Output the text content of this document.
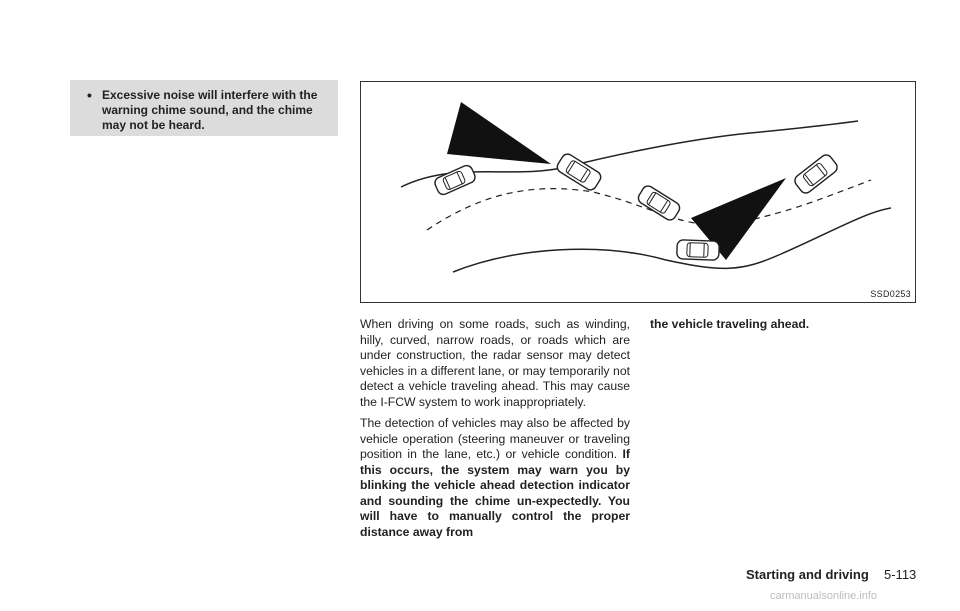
• Excessive noise will interfere with the warning chime sound, and the chime may not be heard.

SSD0253

When driving on some roads, such as winding, hilly, curved, narrow roads, or roads which are under construction, the radar sensor may detect vehicles in a different lane, or may temporarily not detect a vehicle traveling ahead. This may cause the I-FCW system to work inappropriately.

The detection of vehicles may also be affected by vehicle operation (steering maneuver or traveling position in the lane, etc.) or vehicle condition. If this occurs, the system may warn you by blinking the vehicle ahead detection indicator and sounding the chime un-expectedly. You will have to manually control the proper distance away from

the vehicle traveling ahead.

Starting and driving 5-113
carmanualsonline.info
